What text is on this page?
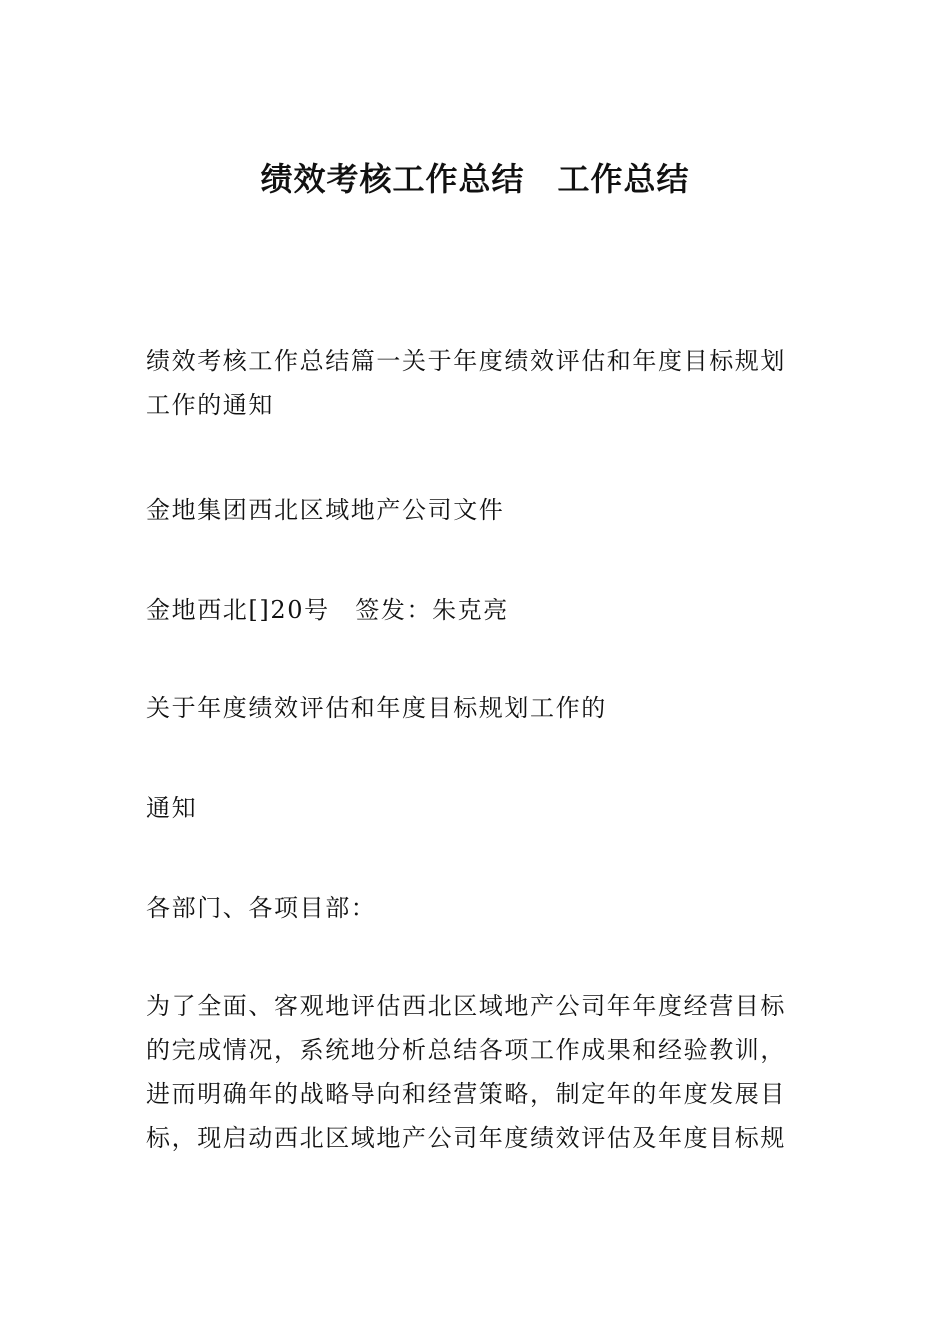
绩效考核工作总结　工作总结

绩效考核工作总结篇一关于年度绩效评估和年度目标规划工作的通知

金地集团西北区域地产公司文件

金地西北[]20号　签发：朱克亮

关于年度绩效评估和年度目标规划工作的

通知

各部门、各项目部：

为了全面、客观地评估西北区域地产公司年年度经营目标的完成情况，系统地分析总结各项工作成果和经验教训，进而明确年的战略导向和经营策略，制定年的年度发展目标，现启动西北区域地产公司年度绩效评估及年度目标规
